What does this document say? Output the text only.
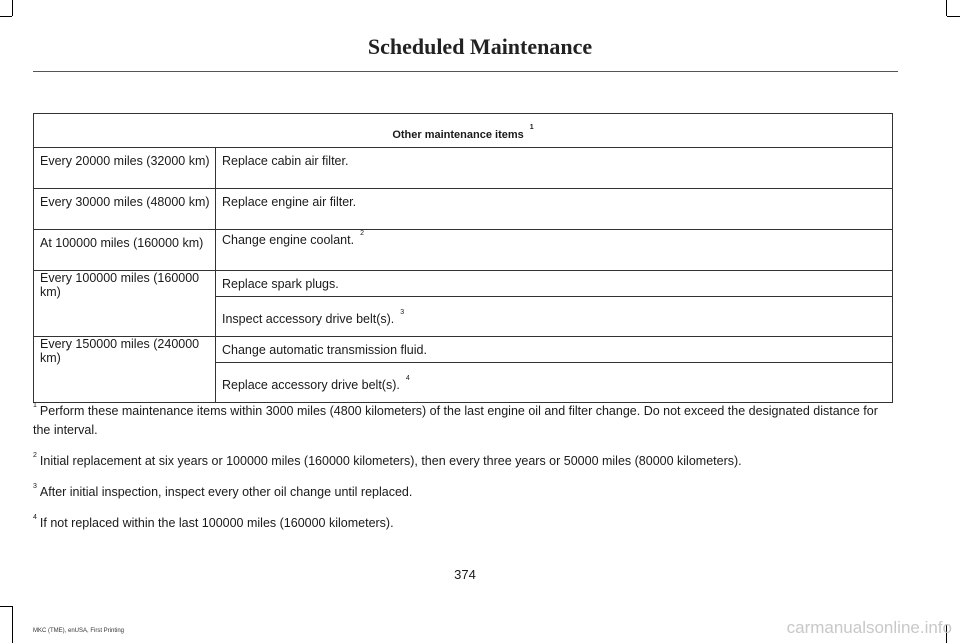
Scheduled Maintenance
Other maintenance items$^1$
Every 20000 miles (32000 km)	Replace cabin air filter.
Every 30000 miles (48000 km)	Replace engine air filter.
At 100000 miles (160000 km)	Change engine coolant. $^2$
Every 100000 miles (160000 km)	Replace spark plugs.
	Inspect accessory drive belt(s). $^3$
Every 150000 miles (240000 km)	Change automatic transmission fluid.
	Replace accessory drive belt(s). $^4$

$^1$ Perform these maintenance items within 3000 miles (4800 kilometers) of the last engine oil and filter change. Do not exceed the designated distance for the interval.

$^2$ Initial replacement at six years or 100000 miles (160000 kilometers), then every three years or 50000 miles (80000 kilometers).

$^3$ After initial inspection, inspect every other oil change until replaced.

$^4$ If not replaced within the last 100000 miles (160000 kilometers).

374
MKC (TME), enUSA, First Printing	carmanualsonline.info
